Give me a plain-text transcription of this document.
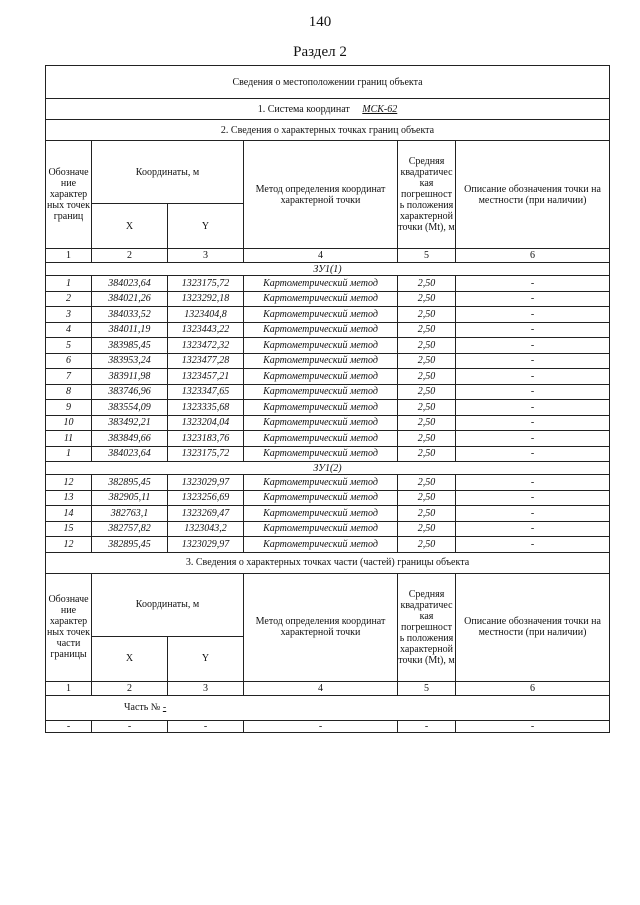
140
Раздел 2
Сведения о местоположении границ объекта					
1. Система координат МСК-62					
2. Сведения о характерных точках границ объекта					
Обозначе ние характер ных точек границ	Координаты, м		Метод определения координат характерной точки	Средняя квадратичес кая погрешност ь положения характерной точки (Mt), м	Описание обозначения точки на местности (при наличии)
	X	Y			
1	2	3	4	5	6
ЗУ1(1)					
1	384023,64	1323175,72	Картометрический метод	2,50	-
2	384021,26	1323292,18	Картометрический метод	2,50	-
3	384033,52	1323404,8	Картометрический метод	2,50	-
4	384011,19	1323443,22	Картометрический метод	2,50	-
5	383985,45	1323472,32	Картометрический метод	2,50	-
6	383953,24	1323477,28	Картометрический метод	2,50	-
7	383911,98	1323457,21	Картометрический метод	2,50	-
8	383746,96	1323347,65	Картометрический метод	2,50	-
9	383554,09	1323335,68	Картометрический метод	2,50	-
10	383492,21	1323204,04	Картометрический метод	2,50	-
11	383849,66	1323183,76	Картометрический метод	2,50	-
1	384023,64	1323175,72	Картометрический метод	2,50	-
ЗУ1(2)					
12	382895,45	1323029,97	Картометрический метод	2,50	-
13	382905,11	1323256,69	Картометрический метод	2,50	-
14	382763,1	1323269,47	Картометрический метод	2,50	-
15	382757,82	1323043,2	Картометрический метод	2,50	-
12	382895,45	1323029,97	Картометрический метод	2,50	-
3. Сведения о характерных точках части (частей) границы объекта					
Обозначе ние характер ных точек части границы	Координаты, м		Метод определения координат характерной точки	Средняя квадратичес кая погрешност ь положения характерной точки (Mt), м	Описание обозначения точки на местности (при наличии)
	X	Y			
1	2	3	4	5	6
Часть № -					
-	-	-	-	-	-
